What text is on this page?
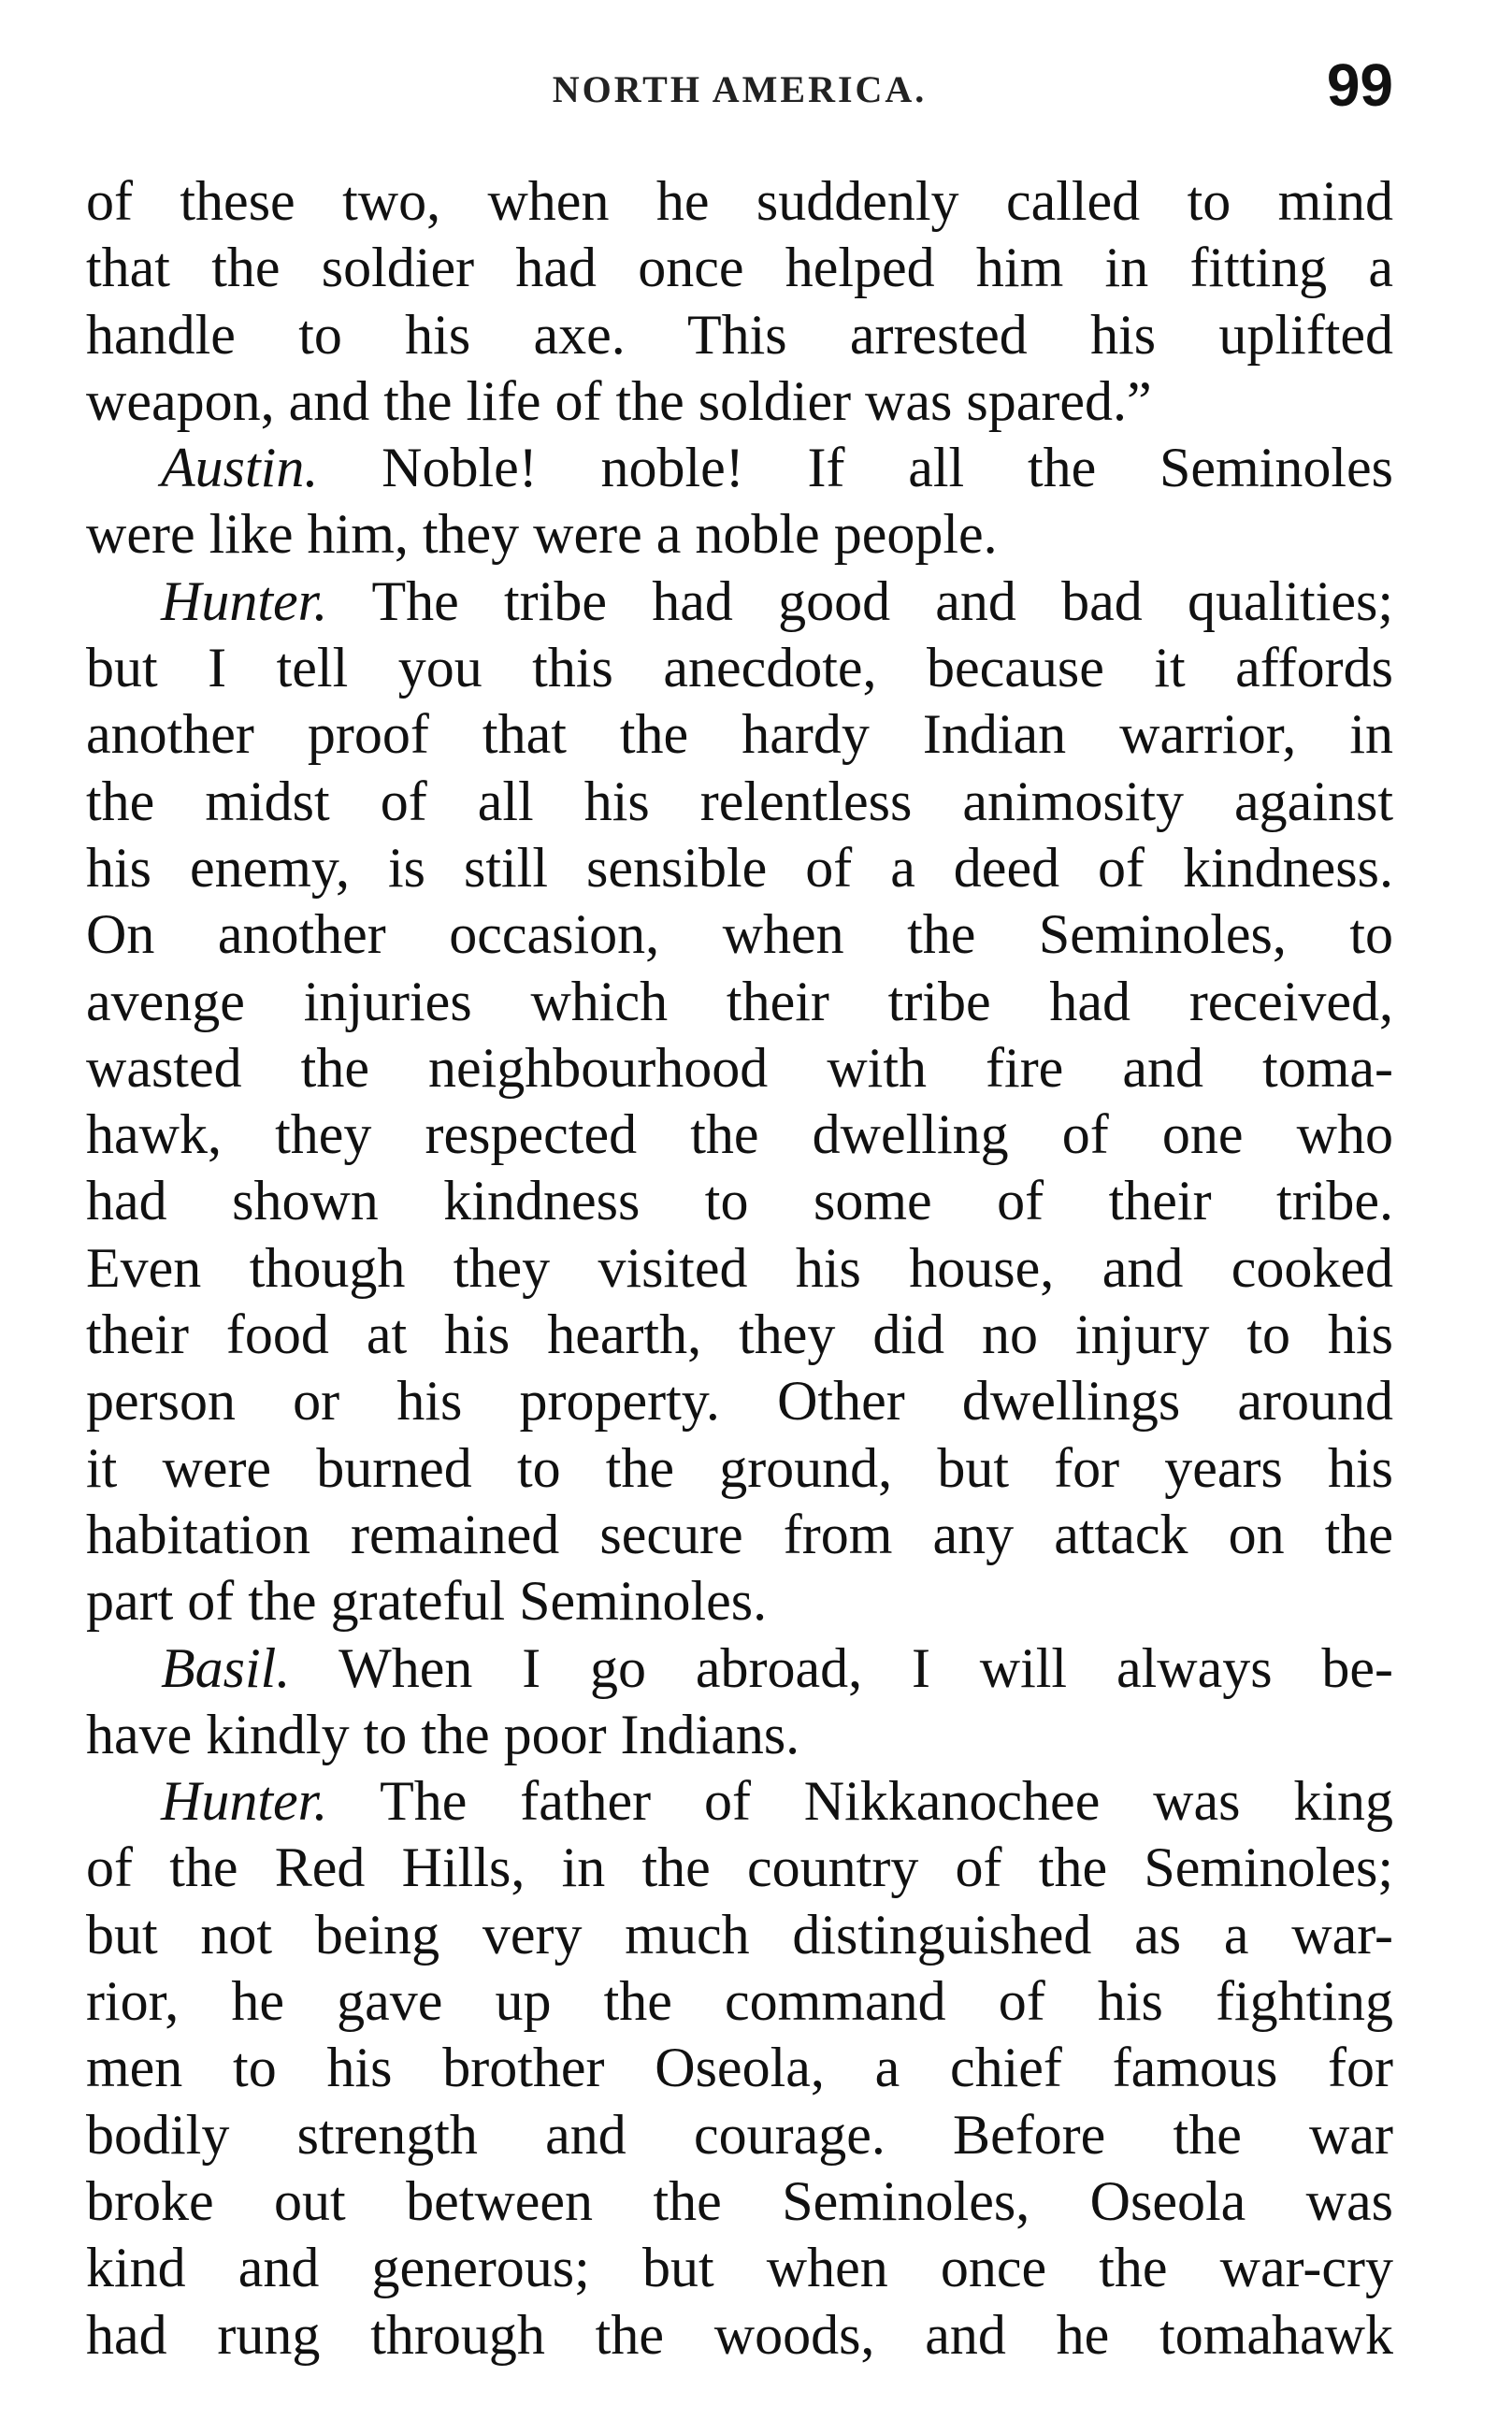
NORTH AMERICA.	99
of these two, when he suddenly called to mind
that the soldier had once helped him in fitting a
handle to his axe. This arrested his uplifted
weapon, and the life of the soldier was spared.”
Austin. Noble! noble! If all the Seminoles
were like him, they were a noble people.
Hunter. The tribe had good and bad qualities;
but I tell you this anecdote, because it affords
another proof that the hardy Indian warrior, in
the midst of all his relentless animosity against
his enemy, is still sensible of a deed of kindness.
On another occasion, when the Seminoles, to
avenge injuries which their tribe had received,
wasted the neighbourhood with fire and toma-
hawk, they respected the dwelling of one who
had shown kindness to some of their tribe.
Even though they visited his house, and cooked
their food at his hearth, they did no injury to his
person or his property. Other dwellings around
it were burned to the ground, but for years his
habitation remained secure from any attack on the
part of the grateful Seminoles.
Basil. When I go abroad, I will always be-
have kindly to the poor Indians.
Hunter. The father of Nikkanochee was king
of the Red Hills, in the country of the Seminoles;
but not being very much distinguished as a war-
rior, he gave up the command of his fighting
men to his brother Oseola, a chief famous for
bodily strength and courage. Before the war
broke out between the Seminoles, Oseola was
kind and generous; but when once the war-cry
had rung through the woods, and he tomahawk
